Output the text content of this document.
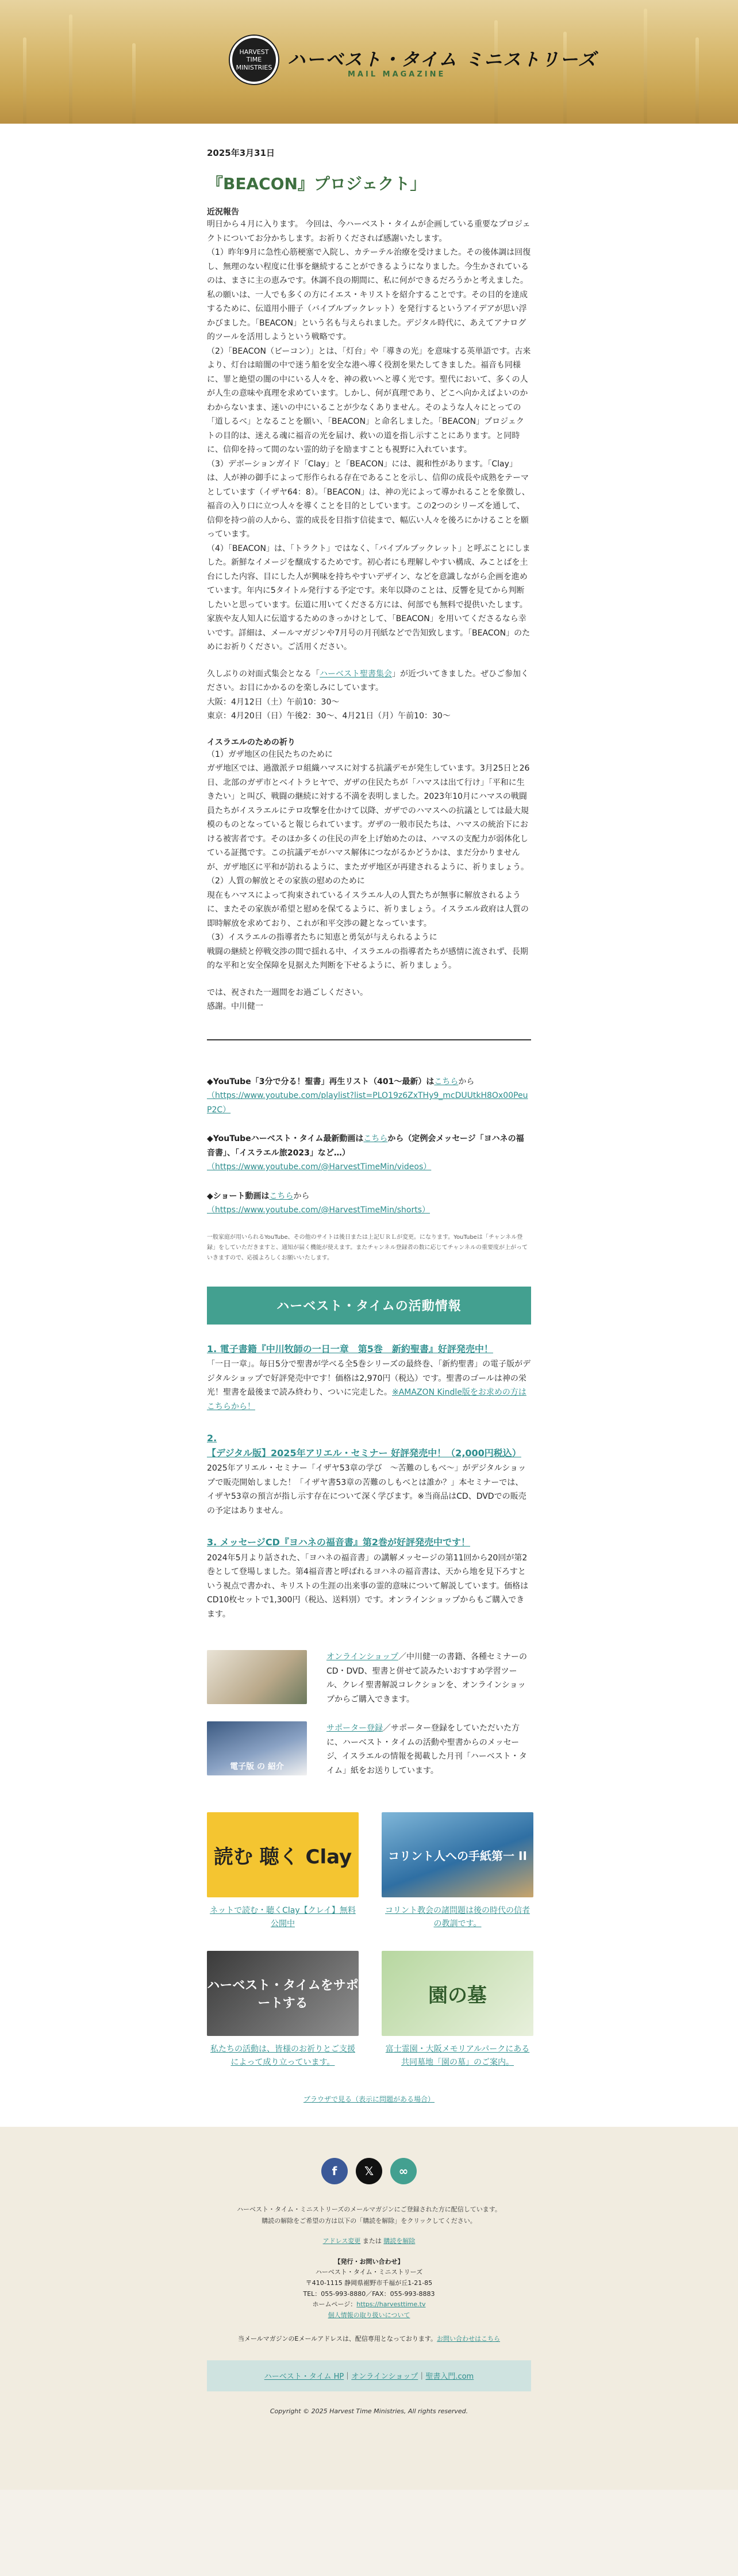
HARVEST TIME MINISTRIES ハーベスト・タイム ミニストリーズ
MAIL MAGAZINE
2025年3月31日
『BEACON』プロジェクト」
近況報告

明日から４月に入ります。 今回は、今ハーベスト・タイムが企画している重要なプロジェクトについてお分かちします。お祈りくだされば感謝いたします。
（1）昨年9月に急性心筋梗塞で入院し、カテーテル治療を受けました。その後体調は回復し、無理のない程度に仕事を継続することができるようになりました。今生かされているのは、まさに主の恵みです。休調不良の期間に、私に何ができるだろうかと考えました。私の願いは、一人でも多くの方にイエス・キリストを紹介することです。その目的を達成するために、伝道用小冊子（バイブルブックレット）を発行するというアイデアが思い浮かびました。「BEACON」という名も与えられました。デジタル時代に、あえてアナログ的ツールを活用しようという戦略です。
（2）「BEACON（ビーコン）」とは、「灯台」や「導きの光」を意味する英単語です。古来より、灯台は暗闇の中で迷う船を安全な港へ導く役割を果たしてきました。福音も同様に、罪と絶望の闇の中にいる人々を、神の救いへと導く光です。聖代において、多くの人が人生の意味や真理を求めています。しかし、何が真理であり、どこへ向かえばよいのかわからないまま、迷いの中にいることが少なくありません。そのような人々にとっての「道しるべ」となることを願い、「BEACON」と命名しました。「BEACON」プロジェクトの目的は、迷える魂に福音の光を届け、救いの道を指し示すことにあります。と同時に、信仰を持って間のない霊的幼子を励ますことも視野に入れています。
（3）デボーションガイド「Clay」と「BEACON」には、親和性があります。「Clay」は、人が神の御手によって形作られる存在であることを示し、信仰の成長や成熟をテーマとしています（イザヤ64：8）。「BEACON」は、神の光によって導かれることを象徴し、福音の入り口に立つ人々を導くことを目的としています。この2つのシリーズを通して、信仰を持つ前の人から、霊的成長を目指す信徒まで、幅広い人々を後ろにかけることを願っています。
（4）「BEACON」は、「トラクト」ではなく、「バイブルブックレット」と呼ぶことにしました。新鮮なイメージを醸成するためです。初心者にも理解しやすい構成、みことばを土台にした内容、目にした人が興味を持ちやすいデザイン、などを意識しながら企画を進めています。年内に5タイトル発行する予定です。来年以降のことは、反響を見てから判断したいと思っています。伝道に用いてくださる方には、何部でも無料で提供いたします。家族や友人知人に伝道するためのきっかけとして、「BEACON」を用いてくださるなら幸いです。詳細は、メールマガジンや7月号の月刊紙などで告知致します。「BEACON」のためにお祈りください。ご活用ください。

久しぶりの対面式集会となる「ハーベスト聖書集会」が近づいてきました。ぜひご参加ください。お目にかかるのを楽しみにしています。

大阪：4月12日（土）午前10：30～

東京：4月20日（日）午後2：30～、4月21日（月）午前10：30～

イスラエルのための祈り

（1）ガザ地区の住民たちのために
ガザ地区では、過激派テロ組織ハマスに対する抗議デモが発生しています。3月25日と26日、北部のガザ市とベイトラヒヤで、ガザの住民たちが「ハマスは出て行け」「平和に生きたい」と叫び、戦闘の継続に対する不満を表明しました。2023年10月にハマスの戦闘員たちがイスラエルにテロ攻撃を仕かけて以降、ガザでのハマスへの抗議としては最大規模のものとなっていると報じられています。ガザの一般市民たちは、ハマスの統治下における被害者です。そのほか多くの住民の声を上げ始めたのは、ハマスの支配力が弱体化している証拠です。この抗議デモがハマス解体につながるかどうかは、まだ分かりませんが、ガザ地区に平和が訪れるように、またガザ地区が再建されるように、祈りましょう。
（2）人質の解放とその家族の慰めのために
現在もハマスによって拘束されているイスラエル人の人質たちが無事に解放されるように、またその家族が希望と慰めを保てるように、祈りましょう。イスラエル政府は人質の即時解放を求めており、これが和平交渉の鍵となっています。
（3）イスラエルの指導者たちに知恵と勇気が与えられるように
戦闘の継続と停戦交渉の間で揺れる中、イスラエルの指導者たちが感情に流されず、長期的な平和と安全保障を見据えた判断を下せるように、祈りましょう。

では、祝された一週間をお過ごしください。
感謝。中川健一

◆YouTube「3分で分る！聖書」再生リスト（401～最新）はこちらから
（https://www.youtube.com/playlist?list=PLO19z6ZxTHy9_mcDUUtkH8Ox00Peu P2C）
◆YouTubeハーベスト・タイム最新動画はこちらから（定例会メッセージ「ヨハネの福音書」、「イスラエル旅2023」など…）
（https://www.youtube.com/@HarvestTimeMin/videos）
◆ショート動画はこちらから
（https://www.youtube.com/@HarvestTimeMin/shorts）
一般家庭が用いられるYouTube、その他のサイトは後日または上記ＵＲＬが変更。になります。YouTubeは「チャンネル登録」をしていただきますと、通知が届く機能が使えます。またチャンネル登録者の数に応じてチャンネルの重要度が上がっていきますので、応援よろしくお願いいたします。
ハーベスト・タイムの活動情報
1. 電子書籍『中川牧師の一日一章　第5巻　新約聖書』好評発売中！

「一日一章」。毎日5分で聖書が学べる全5巻シリーズの最終巻、「新約聖書」の電子版がデジタルショップで好評発売中です！価格は2,970円（税込）です。聖書のゴールは神の栄光！聖書を最後まで読み終わり、ついに完走した。※AMAZON Kindle版をお求めの方はこちらから！

2. 【デジタル版】2025年アリエル・セミナー 好評発売中！（2,000円税込）

2025年アリエル・セミナー「イザヤ53章の学び　～苦難のしもべ～」がデジタルショップで販売開始しました！「イザヤ書53章の苦難のしもべとは誰か？」本セミナーでは、イザヤ53章の預言が指し示す存在について深く学びます。※当商品はCD、DVDでの販売の予定はありません。

3. メッセージCD『ヨハネの福音書』第2巻が好評発売中です！

2024年5月より話された、「ヨハネの福音書」の講解メッセージの第11回から20回が第2巻として登場しました。第4福音書と呼ばれるヨハネの福音書は、天から地を見下ろすという視点で書かれ、キリストの生涯の出来事の霊的意味について解説しています。価格はCD10枚セットで1,300円（税込、送料別）です。オンラインショップからもご購入できます。

オンラインショップ／中川健一の書籍、各種セミナーのCD・DVD、聖書と併せて読みたいおすすめ学習ツール、クレイ聖書解説コレクションを、オンラインショップからご購入できます。

電子版 の 紹介

サポーター登録／サポーター登録をしていただいた方に、ハーベスト・タイムの活動や聖書からのメッセージ、イスラエルの情報を掲載した月刊「ハーベスト・タイム」紙をお送りしています。

読む 聴く Clay
ネットで読む・聴くClay【クレイ】無料公開中
コリント人への手紙第一 II
コリント教会の諸問題は後の時代の信者の教訓です。
ハーベスト・タイムをサポートする
私たちの活動は、皆様のお祈りとご支援によって成り立っています。
園の墓
富士霊園・大阪メモリアルパークにある共同墓地「園の墓」のご案内。
ブラウザで見る（表示に問題がある場合）
f	𝕏	∞
ハーベスト・タイム・ミニストリーズのメールマガジンにご登録された方に配信しています。
購読の解除をご希望の方は以下の「購読を解除」をクリックしてください。
アドレス変更 または 購読を解除
【発行・お問い合わせ】
ハーベスト・タイム・ミニストリーズ
〒410-1115 静岡県裾野市千福が丘1-21-85
TEL：055-993-8880／FAX：055-993-8883
ホームページ：https://harvesttime.tv
個人情報の取り扱いについて
当メールマガジンのEメールアドレスは、配信専用となっております。お問い合わせはこちら
ハーベスト・タイム HP ｜ オンラインショップ ｜ 聖書入門.com
Copyright © 2025 Harvest Time Ministries, All rights reserved.
